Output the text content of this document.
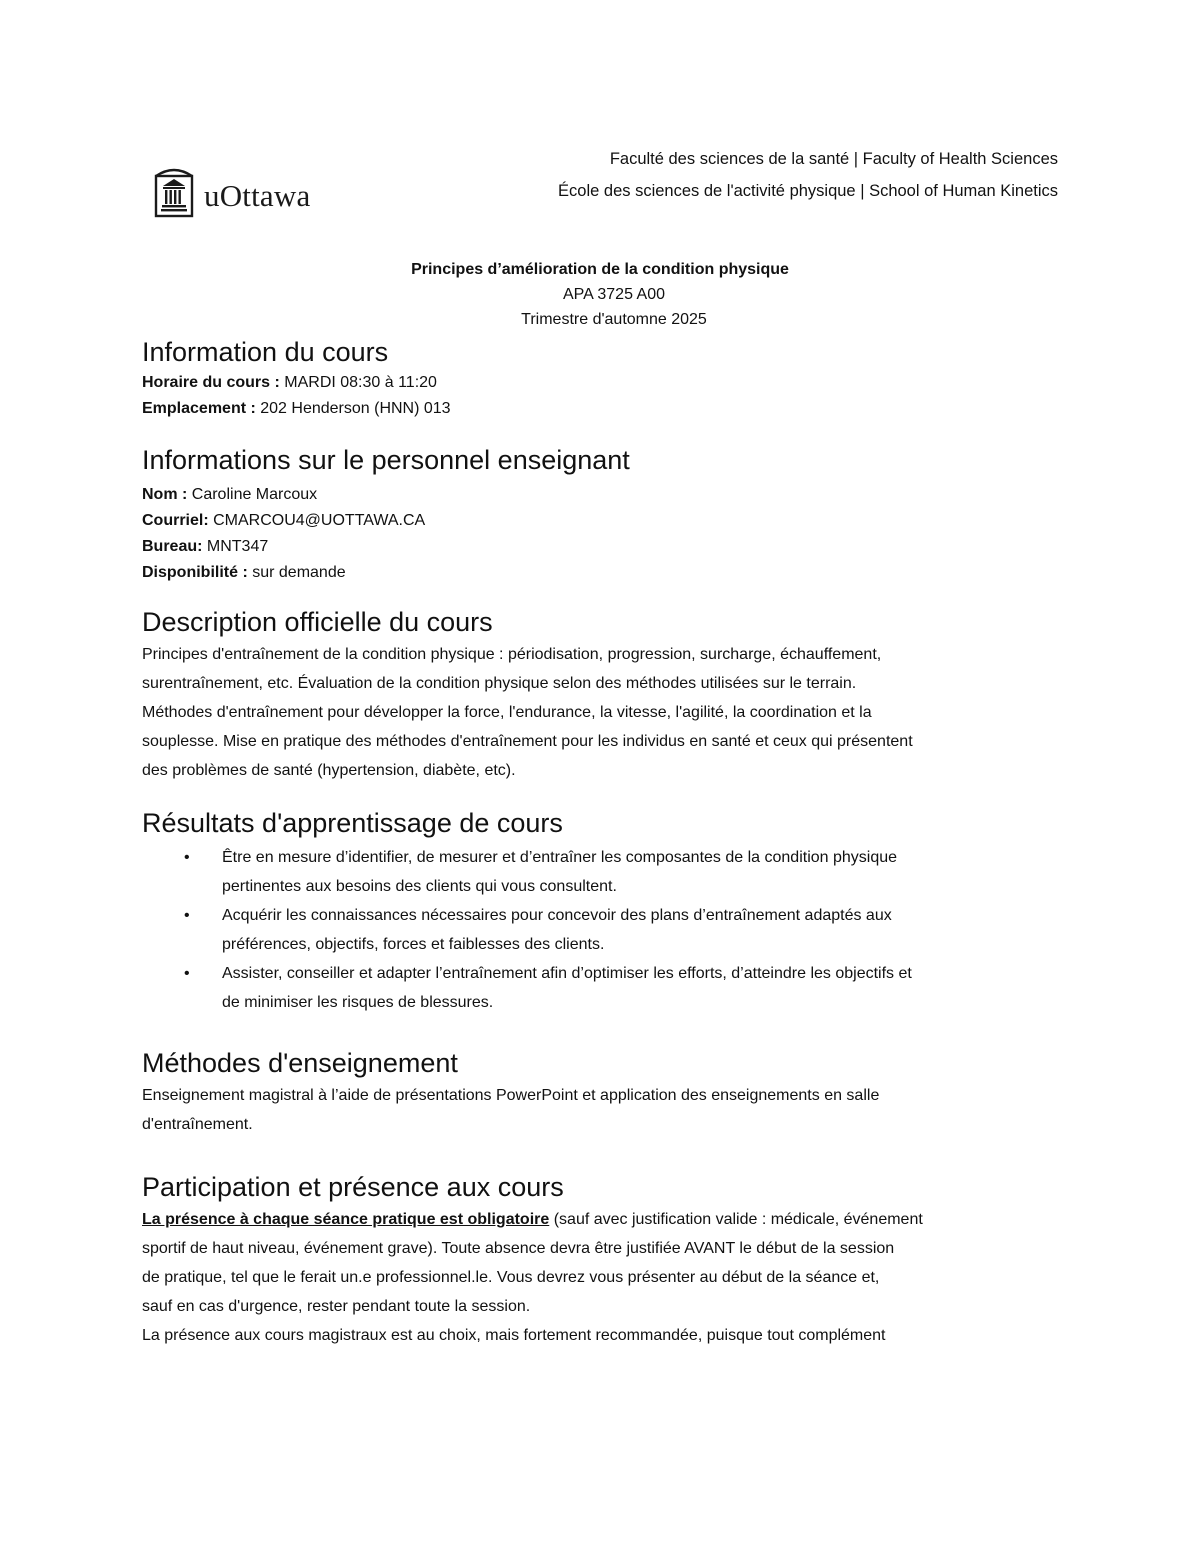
uOttawa
Faculté des sciences de la santé | Faculty of Health Sciences
École des sciences de l'activité physique | School of Human Kinetics
Principes d’amélioration de la condition physique
APA 3725 A00
Trimestre d'automne 2025
Information du cours

Horaire du cours : MARDI 08:30 à 11:20

Emplacement : 202 Henderson (HNN) 013

Informations sur le personnel enseignant

Nom : Caroline Marcoux

Courriel: CMARCOU4@UOTTAWA.CA

Bureau: MNT347

Disponibilité : sur demande

Description officielle du cours

Principes d'entraînement de la condition physique : périodisation, progression, surcharge, échauffement,

surentraînement, etc. Évaluation de la condition physique selon des méthodes utilisées sur le terrain.

Méthodes d'entraînement pour développer la force, l'endurance, la vitesse, l'agilité, la coordination et la

souplesse. Mise en pratique des méthodes d'entraînement pour les individus en santé et ceux qui présentent

des problèmes de santé (hypertension, diabète, etc).

Résultats d'apprentissage de cours
• Être en mesure d’identifier, de mesurer et d’entraîner les composantes de la condition physique
pertinentes aux besoins des clients qui vous consultent.
• Acquérir les connaissances nécessaires pour concevoir des plans d’entraînement adaptés aux
préférences, objectifs, forces et faiblesses des clients.
• Assister, conseiller et adapter l’entraînement afin d’optimiser les efforts, d’atteindre les objectifs et
de minimiser les risques de blessures.
Méthodes d'enseignement

Enseignement magistral à l’aide de présentations PowerPoint et application des enseignements en salle

d'entraînement.

Participation et présence aux cours

La présence à chaque séance pratique est obligatoire (sauf avec justification valide : médicale, événement

sportif de haut niveau, événement grave). Toute absence devra être justifiée AVANT le début de la session

de pratique, tel que le ferait un.e professionnel.le. Vous devrez vous présenter au début de la séance et,

sauf en cas d'urgence, rester pendant toute la session.

La présence aux cours magistraux est au choix, mais fortement recommandée, puisque tout complément
